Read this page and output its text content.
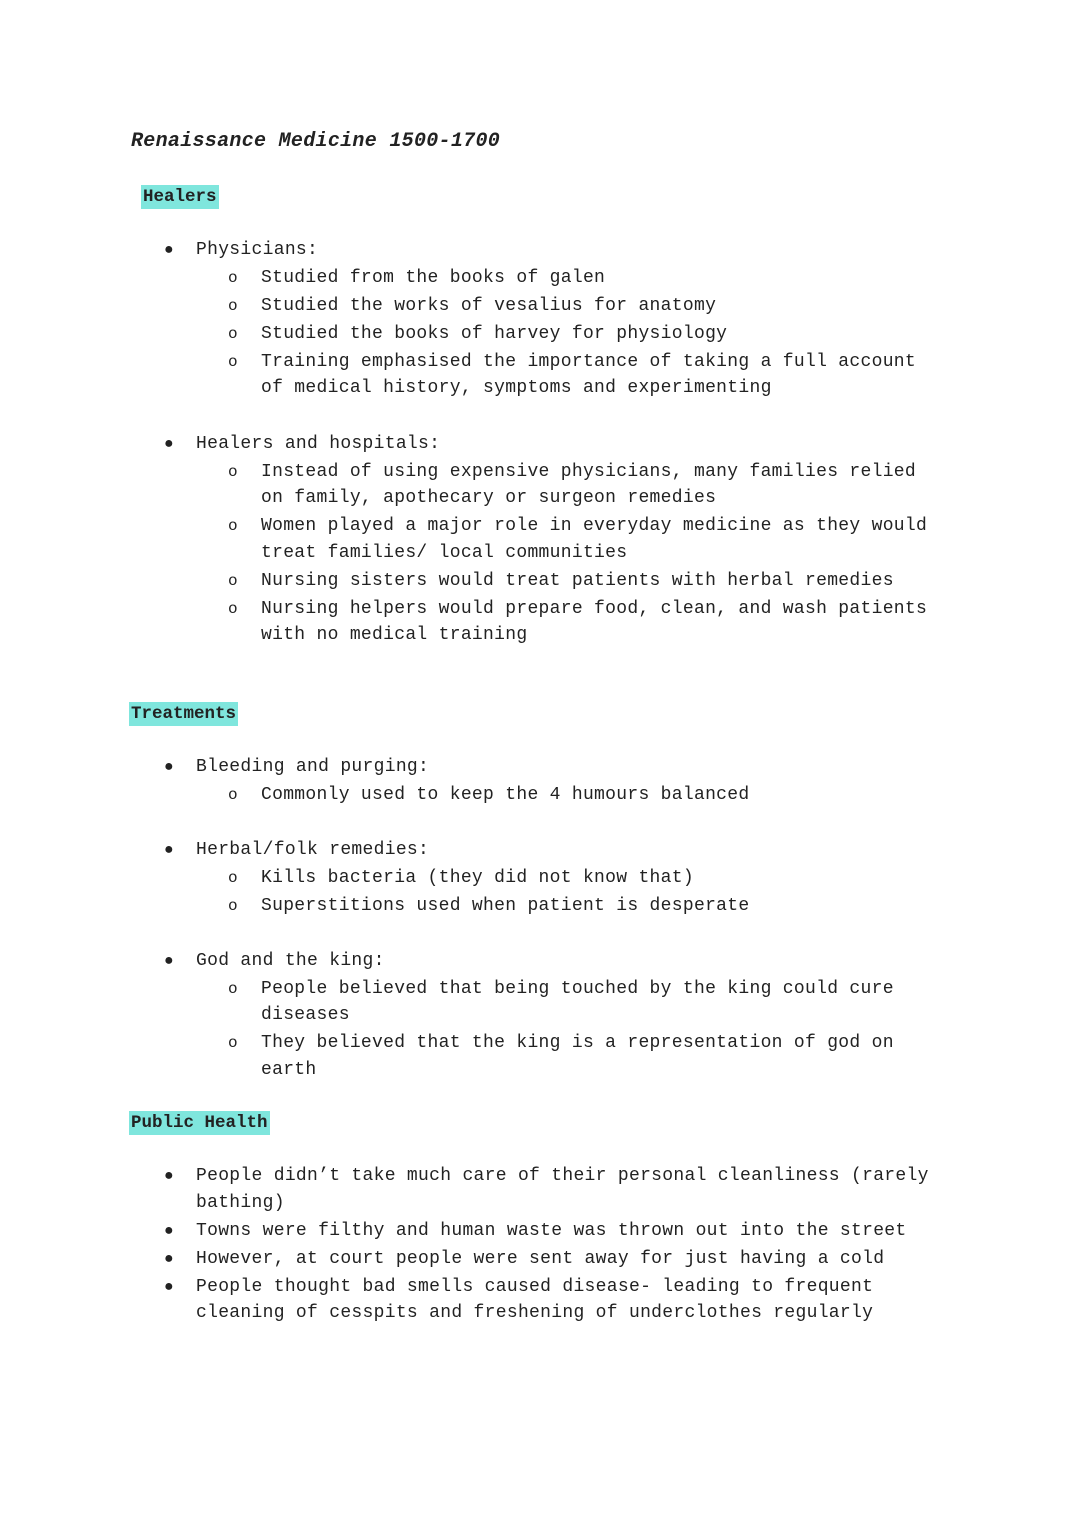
Renaissance Medicine 1500-1700
Healers
● Physicians:
o Studied from the books of galen
o Studied the works of vesalius for anatomy
o Studied the books of harvey for physiology
o Training emphasised the importance of taking a full account of medical history, symptoms and experimenting
● Healers and hospitals:
o Instead of using expensive physicians, many families relied on family, apothecary or surgeon remedies
o Women played a major role in everyday medicine as they would treat families/ local communities
o Nursing sisters would treat patients with herbal remedies
o Nursing helpers would prepare food, clean, and wash patients with no medical training
Treatments
● Bleeding and purging:
o Commonly used to keep the 4 humours balanced
● Herbal/folk remedies:
o Kills bacteria (they did not know that)
o Superstitions used when patient is desperate
● God and the king:
o People believed that being touched by the king could cure diseases
o They believed that the king is a representation of god on earth
Public Health
● People didn’t take much care of their personal cleanliness (rarely bathing)
● Towns were filthy and human waste was thrown out into the street
● However, at court people were sent away for just having a cold
● People thought bad smells caused disease- leading to frequent cleaning of cesspits and freshening of underclothes regularly
